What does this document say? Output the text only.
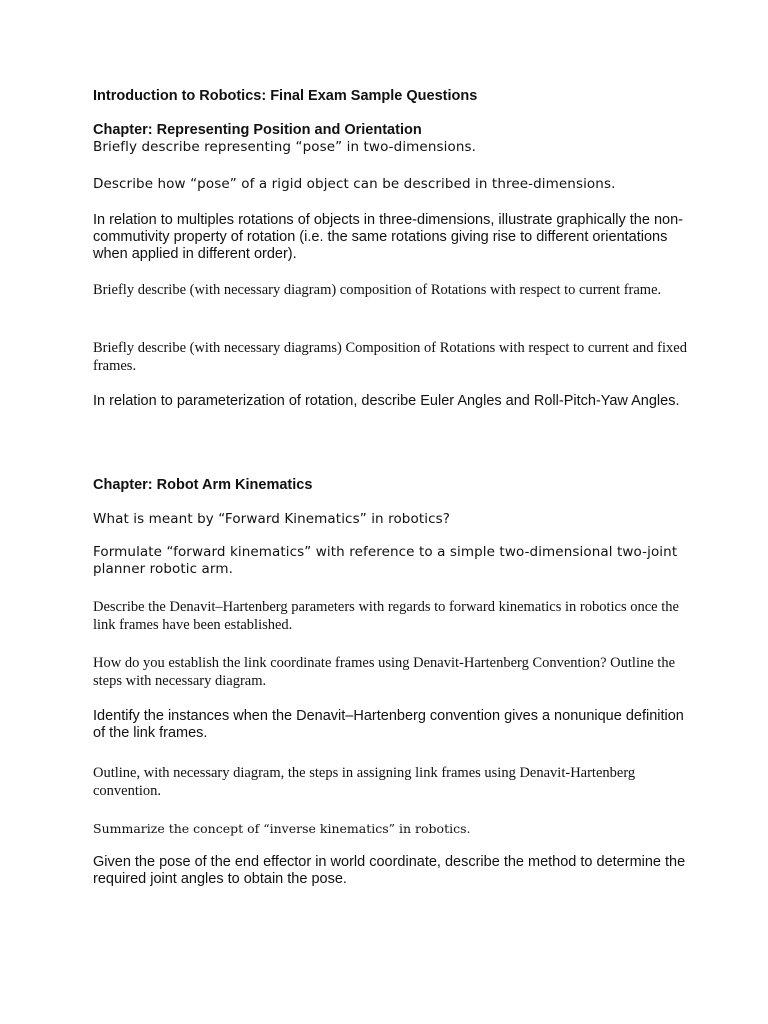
Introduction to Robotics: Final Exam Sample Questions

Chapter: Representing Position and Orientation

Briefly describe representing “pose” in two-dimensions.

Describe how “pose” of a rigid object can be described in three-dimensions.

In relation to multiples rotations of objects in three-dimensions, illustrate graphically the non-commutivity property of rotation (i.e. the same rotations giving rise to different orientations when applied in different order).

Briefly describe (with necessary diagram) composition of Rotations with respect to current frame.

Briefly describe (with necessary diagrams) Composition of Rotations with respect to current and fixed frames.

In relation to parameterization of rotation, describe Euler Angles and Roll-Pitch-Yaw Angles.

Chapter: Robot Arm Kinematics

What is meant by “Forward Kinematics” in robotics?

Formulate “forward kinematics” with reference to a simple two-dimensional two-joint planner robotic arm.

Describe the Denavit–Hartenberg parameters with regards to forward kinematics in robotics once the link frames have been established.

How do you establish the link coordinate frames using Denavit-Hartenberg Convention? Outline the steps with necessary diagram.

Identify the instances when the Denavit–Hartenberg convention gives a nonunique definition of the link frames.

Outline, with necessary diagram, the steps in assigning link frames using Denavit-Hartenberg convention.

Summarize the concept of “inverse kinematics” in robotics.

Given the pose of the end effector in world coordinate, describe the method to determine the required joint angles to obtain the pose.
